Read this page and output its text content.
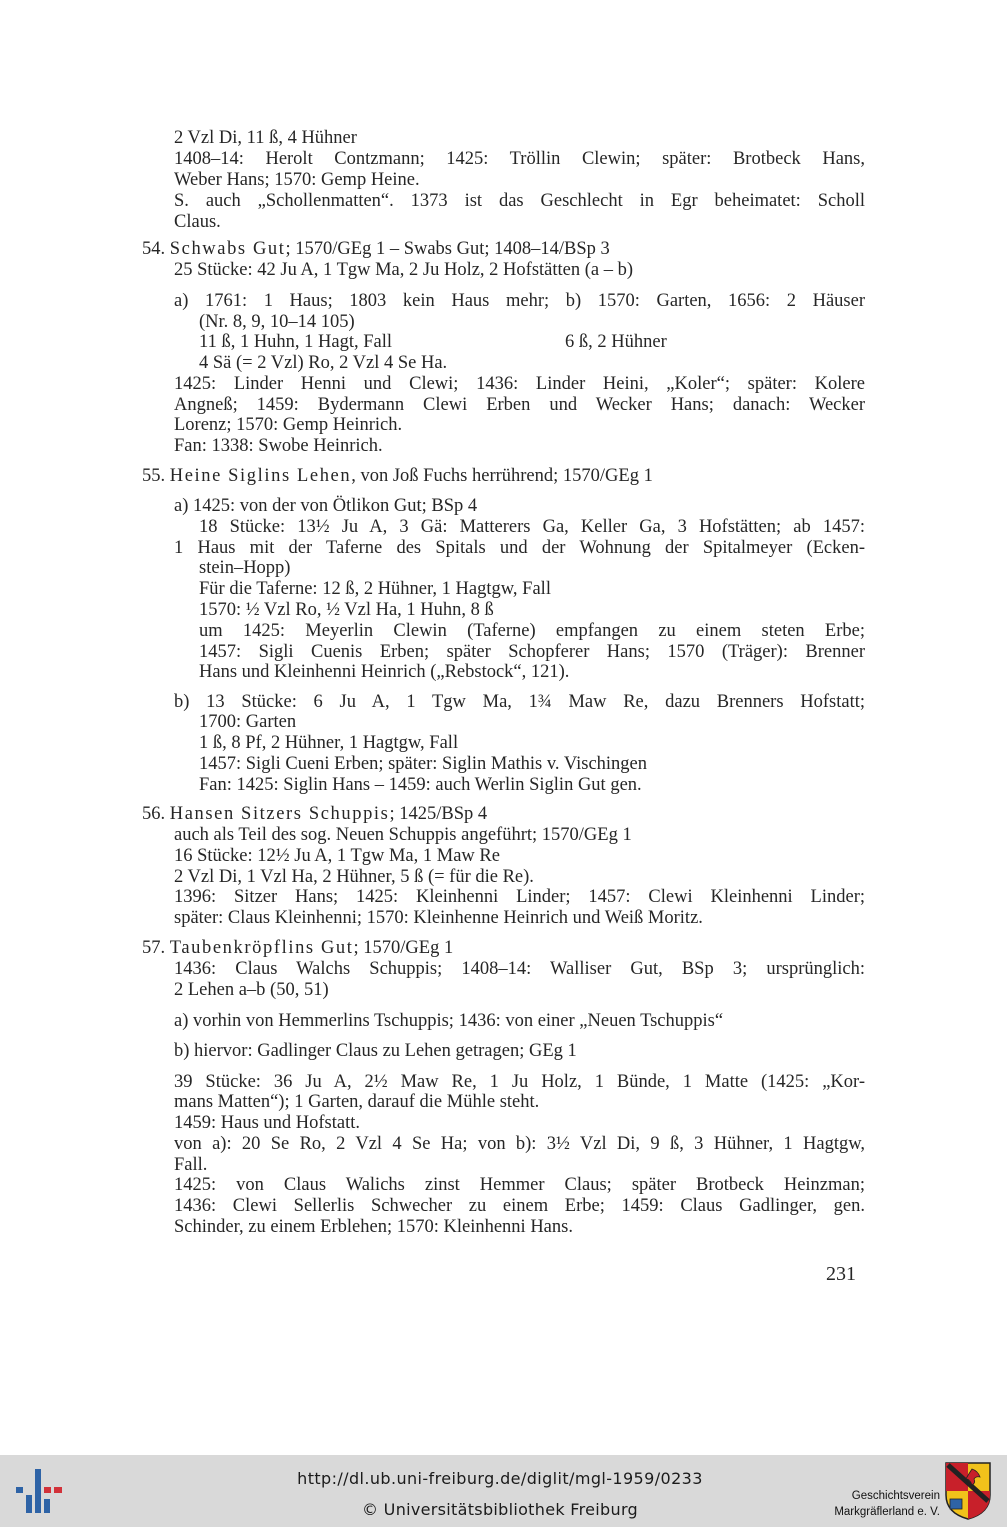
2 Vzl Di, 11 ß, 4 Hühner
1408–14: Herolt Contzmann; 1425: Tröllin Clewin; später: Brotbeck Hans,
Weber Hans; 1570: Gemp Heine.
S. auch „Schollenmatten“. 1373 ist das Geschlecht in Egr beheimatet: Scholl
Claus.
54. Schwabs Gut; 1570/GEg 1 – Swabs Gut; 1408–14/BSp 3
25 Stücke: 42 Ju A, 1 Tgw Ma, 2 Ju Holz, 2 Hofstätten (a – b)
a) 1761: 1 Haus; 1803 kein Haus mehr; b) 1570: Garten, 1656: 2 Häuser
(Nr. 8, 9, 10–14 105)
11 ß, 1 Huhn, 1 Hagt, Fall	6 ß, 2 Hühner
4 Sä (= 2 Vzl) Ro, 2 Vzl 4 Se Ha.
1425: Linder Henni und Clewi; 1436: Linder Heini, „Koler“; später: Kolere
Angneß; 1459: Bydermann Clewi Erben und Wecker Hans; danach: Wecker
Lorenz; 1570: Gemp Heinrich.
Fan: 1338: Swobe Heinrich.
55. Heine Siglins Lehen, von Joß Fuchs herrührend; 1570/GEg 1
a) 1425: von der von Ötlikon Gut; BSp 4
18 Stücke: 13½ Ju A, 3 Gä: Matterers Ga, Keller Ga, 3 Hofstätten; ab 1457:
1 Haus mit der Taferne des Spitals und der Wohnung der Spitalmeyer (Ecken-
stein–Hopp)
Für die Taferne: 12 ß, 2 Hühner, 1 Hagtgw, Fall
1570: ½ Vzl Ro, ½ Vzl Ha, 1 Huhn, 8 ß
um 1425: Meyerlin Clewin (Taferne) empfangen zu einem steten Erbe;
1457: Sigli Cuenis Erben; später Schopferer Hans; 1570 (Träger): Brenner
Hans und Kleinhenni Heinrich („Rebstock“, 121).
b) 13 Stücke: 6 Ju A, 1 Tgw Ma, 1¾ Maw Re, dazu Brenners Hofstatt;
1700: Garten
1 ß, 8 Pf, 2 Hühner, 1 Hagtgw, Fall
1457: Sigli Cueni Erben; später: Siglin Mathis v. Vischingen
Fan: 1425: Siglin Hans – 1459: auch Werlin Siglin Gut gen.
56. Hansen Sitzers Schuppis; 1425/BSp 4
auch als Teil des sog. Neuen Schuppis angeführt; 1570/GEg 1
16 Stücke: 12½ Ju A, 1 Tgw Ma, 1 Maw Re
2 Vzl Di, 1 Vzl Ha, 2 Hühner, 5 ß (= für die Re).
1396: Sitzer Hans; 1425: Kleinhenni Linder; 1457: Clewi Kleinhenni Linder;
später: Claus Kleinhenni; 1570: Kleinhenne Heinrich und Weiß Moritz.
57. Taubenkröpflins Gut; 1570/GEg 1
1436: Claus Walchs Schuppis; 1408–14: Walliser Gut, BSp 3; ursprünglich:
2 Lehen a–b (50, 51)
a) vorhin von Hemmerlins Tschuppis; 1436: von einer „Neuen Tschuppis“
b) hiervor: Gadlinger Claus zu Lehen getragen; GEg 1
39 Stücke: 36 Ju A, 2½ Maw Re, 1 Ju Holz, 1 Bünde, 1 Matte (1425: „Kor-
mans Matten“); 1 Garten, darauf die Mühle steht.
1459: Haus und Hofstatt.
von a): 20 Se Ro, 2 Vzl 4 Se Ha; von b): 3½ Vzl Di, 9 ß, 3 Hühner, 1 Hagtgw,
Fall.
1425: von Claus Walichs zinst Hemmer Claus; später Brotbeck Heinzman;
1436: Clewi Sellerlis Schwecher zu einem Erbe; 1459: Claus Gadlinger, gen.
Schinder, zu einem Erblehen; 1570: Kleinhenni Hans.
231
http://dl.ub.uni-freiburg.de/diglit/mgl-1959/0233
© Universitätsbibliothek Freiburg
Geschichtsverein
Markgräflerland e. V.
